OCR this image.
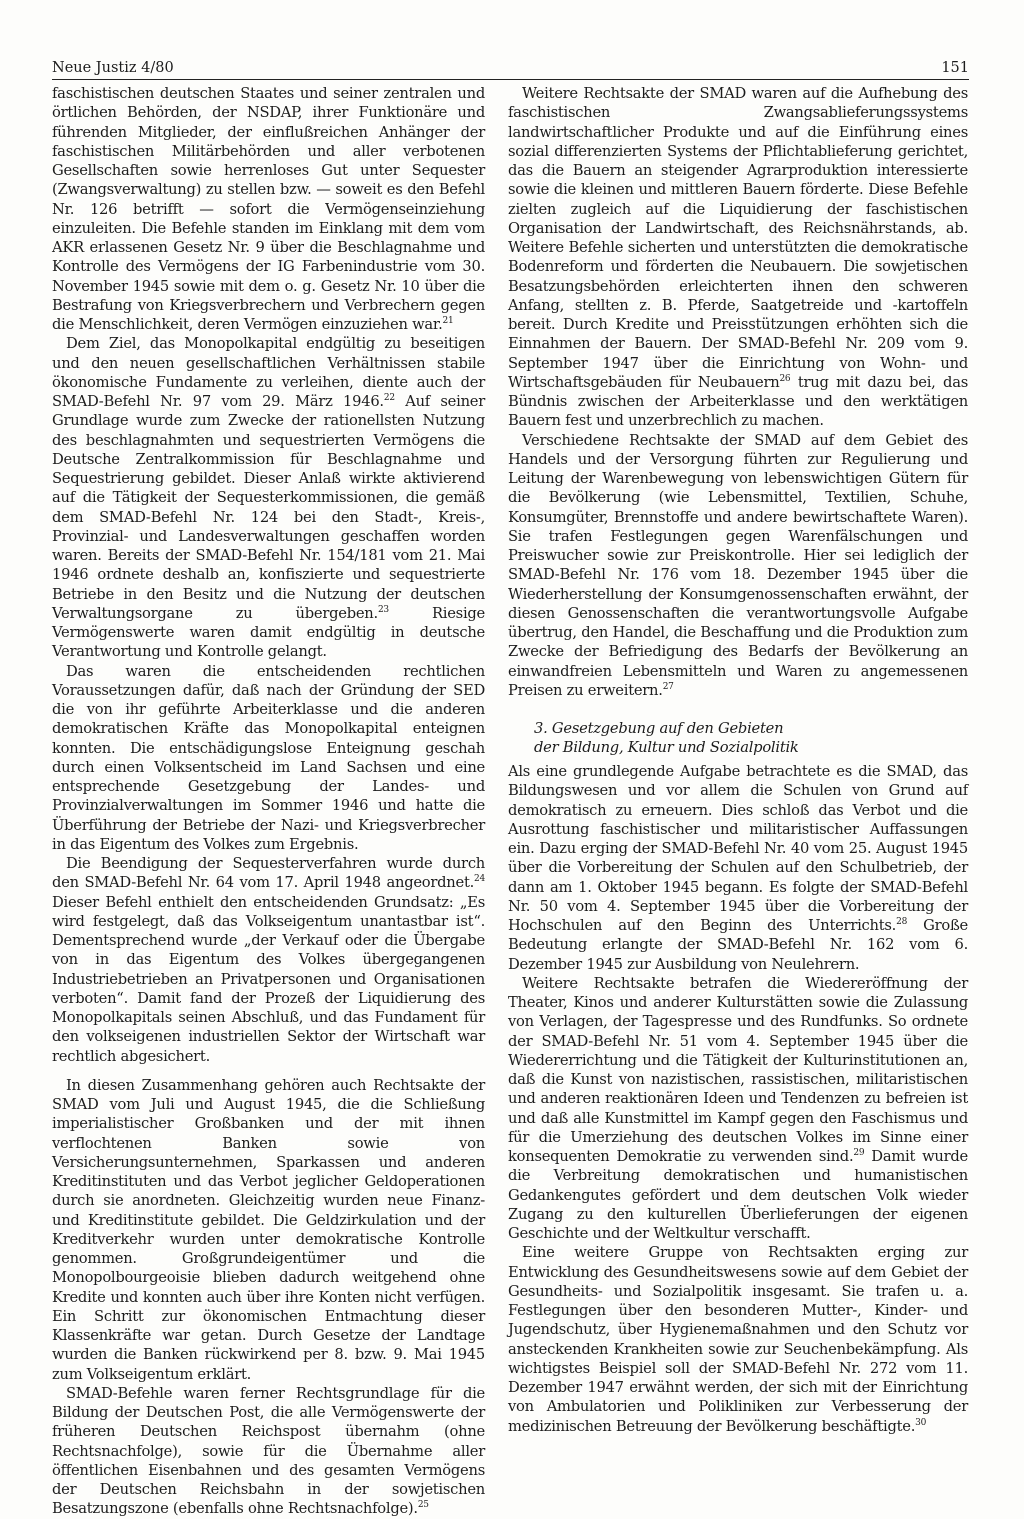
Neue Justiz 4/80	151

faschistischen deutschen Staates und seiner zentralen und örtlichen Behörden, der NSDAP, ihrer Funktionäre und führenden Mitglieder, der einflußreichen Anhänger der faschistischen Militärbehörden und aller verbotenen Gesellschaften sowie herrenloses Gut unter Sequester (Zwangsverwaltung) zu stellen bzw. — soweit es den Befehl Nr. 126 betrifft — sofort die Vermögenseinziehung einzuleiten. Die Befehle standen im Einklang mit dem vom AKR erlassenen Gesetz Nr. 9 über die Beschlagnahme und Kontrolle des Vermögens der IG Farbenindustrie vom 30. November 1945 sowie mit dem o. g. Gesetz Nr. 10 über die Bestrafung von Kriegsverbrechern und Verbrechern gegen die Menschlichkeit, deren Vermögen einzuziehen war.$^{21}$

Dem Ziel, das Monopolkapital endgültig zu beseitigen und den neuen gesellschaftlichen Verhältnissen stabile ökonomische Fundamente zu verleihen, diente auch der SMAD-Befehl Nr. 97 vom 29. März 1946.22 Auf seiner Grundlage wurde zum Zwecke der rationellsten Nutzung des beschlagnahmten und sequestrierten Vermögens die Deutsche Zentralkommission für Beschlagnahme und Sequestrierung gebildet. Dieser Anlaß wirkte aktivierend auf die Tätigkeit der Sequesterkommissionen, die gemäß dem SMAD-Befehl Nr. 124 bei den Stadt-, Kreis-, Provinzial- und Landesverwaltungen geschaffen worden waren. Bereits der SMAD-Befehl Nr. 154/181 vom 21. Mai 1946 ordnete deshalb an, konfiszierte und sequestrierte Betriebe in den Besitz und die Nutzung der deutschen Verwaltungsorgane zu übergeben.$^{23}$ Riesige Vermögenswerte waren damit endgültig in deutsche Verantwortung und Kontrolle gelangt.

Das waren die entscheidenden rechtlichen Voraussetzungen dafür, daß nach der Gründung der SED die von ihr geführte Arbeiterklasse und die anderen demokratischen Kräfte das Monopolkapital enteignen konnten. Die entschädigungslose Enteignung geschah durch einen Volksentscheid im Land Sachsen und eine entsprechende Gesetzgebung der Landes- und Provinzialverwaltungen im Sommer 1946 und hatte die Überführung der Betriebe der Nazi- und Kriegsverbrecher in das Eigentum des Volkes zum Ergebnis.

Die Beendigung der Sequesterverfahren wurde durch den SMAD-Befehl Nr. 64 vom 17. April 1948 angeordnet.$^{24}$ Dieser Befehl enthielt den entscheidenden Grundsatz: „Es wird festgelegt, daß das Volkseigentum unantastbar ist“. Dementsprechend wurde „der Verkauf oder die Übergabe von in das Eigentum des Volkes übergegangenen Industriebetrieben an Privatpersonen und Organisationen verboten“. Damit fand der Prozeß der Liquidierung des Monopolkapitals seinen Abschluß, und das Fundament für den volkseigenen industriellen Sektor der Wirtschaft war rechtlich abgesichert.

In diesen Zusammenhang gehören auch Rechtsakte der SMAD vom Juli und August 1945, die die Schließung imperialistischer Großbanken und der mit ihnen verflochtenen Banken sowie von Versicherungsunternehmen, Sparkassen und anderen Kreditinstituten und das Verbot jeglicher Geldoperationen durch sie anordneten. Gleichzeitig wurden neue Finanz- und Kreditinstitute gebildet. Die Geldzirkulation und der Kreditverkehr wurden unter demokratische Kontrolle genommen. Großgrundeigentümer und die Monopolbourgeoisie blieben dadurch weitgehend ohne Kredite und konnten auch über ihre Konten nicht verfügen. Ein Schritt zur ökonomischen Entmachtung dieser Klassenkräfte war getan. Durch Gesetze der Landtage wurden die Banken rückwirkend per 8. bzw. 9. Mai 1945 zum Volkseigentum erklärt.

SMAD-Befehle waren ferner Rechtsgrundlage für die Bildung der Deutschen Post, die alle Vermögenswerte der früheren Deutschen Reichspost übernahm (ohne Rechtsnachfolge), sowie für die Übernahme aller öffentlichen Eisenbahnen und des gesamten Vermögens der Deutschen Reichsbahn in der sowjetischen Besatzungszone (ebenfalls ohne Rechtsnachfolge).$^{25}$

Weitere Rechtsakte der SMAD waren auf die Aufhebung des faschistischen Zwangsablieferungssystems landwirtschaftlicher Produkte und auf die Einführung eines sozial differenzierten Systems der Pflichtablieferung gerichtet, das die Bauern an steigender Agrarproduktion interessierte sowie die kleinen und mittleren Bauern förderte. Diese Befehle zielten zugleich auf die Liquidierung der faschistischen Organisation der Landwirtschaft, des Reichsnährstands, ab. Weitere Befehle sicherten und unterstützten die demokratische Bodenreform und förderten die Neubauern. Die sowjetischen Besatzungsbehörden erleichterten ihnen den schweren Anfang, stellten z. B. Pferde, Saatgetreide und -kartoffeln bereit. Durch Kredite und Preisstützungen erhöhten sich die Einnahmen der Bauern. Der SMAD-Befehl Nr. 209 vom 9. September 1947 über die Einrichtung von Wohn- und Wirtschaftsgebäuden für Neubauern$^{26}$ trug mit dazu bei, das Bündnis zwischen der Arbeiterklasse und den werktätigen Bauern fest und unzerbrechlich zu machen.

Verschiedene Rechtsakte der SMAD auf dem Gebiet des Handels und der Versorgung führten zur Regulierung und Leitung der Warenbewegung von lebenswichtigen Gütern für die Bevölkerung (wie Lebensmittel, Textilien, Schuhe, Konsumgüter, Brennstoffe und andere bewirtschaftete Waren). Sie trafen Festlegungen gegen Warenfälschungen und Preiswucher sowie zur Preiskontrolle. Hier sei lediglich der SMAD-Befehl Nr. 176 vom 18. Dezember 1945 über die Wiederherstellung der Konsumgenossenschaften erwähnt, der diesen Genossenschaften die verantwortungsvolle Aufgabe übertrug, den Handel, die Beschaffung und die Produktion zum Zwecke der Befriedigung des Bedarfs der Bevölkerung an einwandfreien Lebensmitteln und Waren zu angemessenen Preisen zu erweitern.$^{27}$

3. Gesetzgebung auf den Gebieten
der Bildung, Kultur und Sozialpolitik

Als eine grundlegende Aufgabe betrachtete es die SMAD, das Bildungswesen und vor allem die Schulen von Grund auf demokratisch zu erneuern. Dies schloß das Verbot und die Ausrottung faschistischer und militaristischer Auffassungen ein. Dazu erging der SMAD-Befehl Nr. 40 vom 25. August 1945 über die Vorbereitung der Schulen auf den Schulbetrieb, der dann am 1. Oktober 1945 begann. Es folgte der SMAD-Befehl Nr. 50 vom 4. September 1945 über die Vorbereitung der Hochschulen auf den Beginn des Unterrichts.$^{28}$ Große Bedeutung erlangte der SMAD-Befehl Nr. 162 vom 6. Dezember 1945 zur Ausbildung von Neulehrern.

Weitere Rechtsakte betrafen die Wiedereröffnung der Theater, Kinos und anderer Kulturstätten sowie die Zulassung von Verlagen, der Tagespresse und des Rundfunks. So ordnete der SMAD-Befehl Nr. 51 vom 4. September 1945 über die Wiedererrichtung und die Tätigkeit der Kulturinstitutionen an, daß die Kunst von nazistischen, rassistischen, militaristischen und anderen reaktionären Ideen und Tendenzen zu befreien ist und daß alle Kunstmittel im Kampf gegen den Faschismus und für die Umerziehung des deutschen Volkes im Sinne einer konsequenten Demokratie zu verwenden sind.$^{29}$ Damit wurde die Verbreitung demokratischen und humanistischen Gedankengutes gefördert und dem deutschen Volk wieder Zugang zu den kulturellen Überlieferungen der eigenen Geschichte und der Weltkultur verschafft.

Eine weitere Gruppe von Rechtsakten erging zur Entwicklung des Gesundheitswesens sowie auf dem Gebiet der Gesundheits- und Sozialpolitik insgesamt. Sie trafen u. a. Festlegungen über den besonderen Mutter-, Kinder- und Jugendschutz, über Hygienemaßnahmen und den Schutz vor ansteckenden Krankheiten sowie zur Seuchenbekämpfung. Als wichtigstes Beispiel soll der SMAD-Befehl Nr. 272 vom 11. Dezember 1947 erwähnt werden, der sich mit der Einrichtung von Ambulatorien und Polikliniken zur Verbesserung der medizinischen Betreuung der Bevölkerung beschäftigte.$^{30}$
